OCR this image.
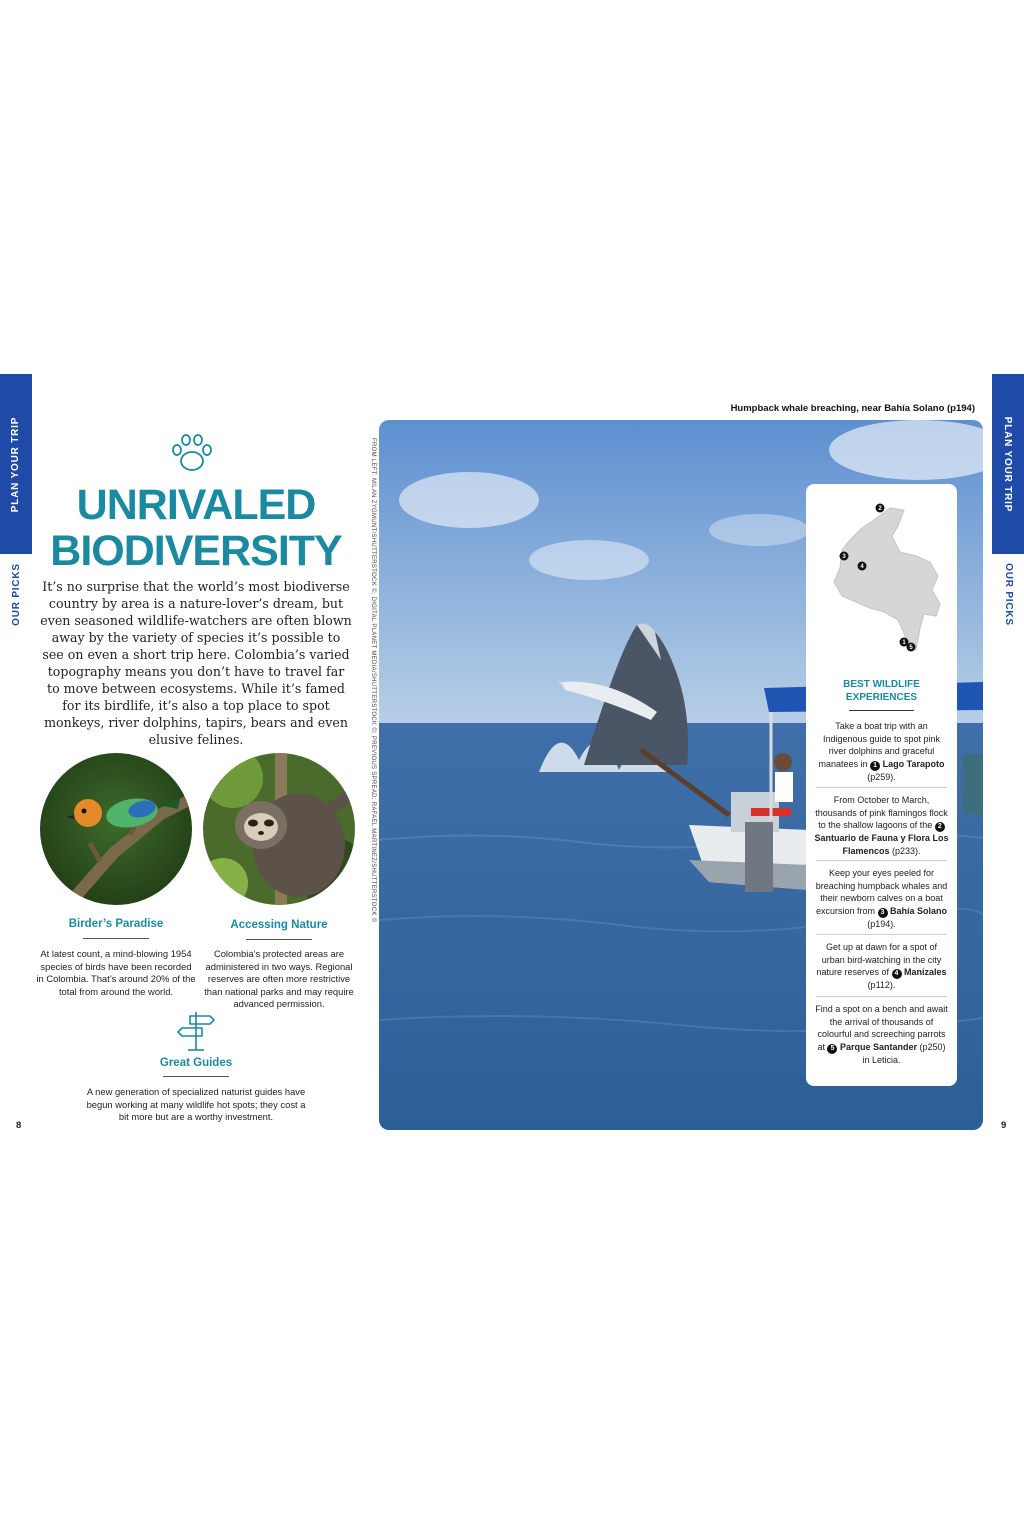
PLAN YOUR TRIP
OUR PICKS
PLAN YOUR TRIP
OUR PICKS
UNRIVALED
BIODIVERSITY

It’s no surprise that the world’s most biodiverse country by area is a nature-lover’s dream, but even seasoned wildlife-watchers are often blown away by the variety of species it’s possible to see on even a short trip here. Colombia’s varied topography means you don’t have to travel far to move between ecosystems. While it’s famed for its birdlife, it’s also a top place to spot monkeys, river dolphins, tapirs, bears and even elusive felines.

Birder’s Paradise
At latest count, a mind-blowing 1954 species of birds have been recorded in Colombia. That’s around 20% of the total from around the world.
Accessing Nature
Colombia’s protected areas are administered in two ways. Regional reserves are often more restrictive than national parks and may require advanced permission.
Great Guides
A new generation of specialized naturist guides have begun working at many wildlife hot spots; they cost a bit more but are a worthy investment.
8	9
FROM LEFT: MILAN ZYGMUNT/SHUTTERSTOCK ©, DIGITAL PLANET MEDIA/SHUTTERSTOCK ©; PREVIOUS SPREAD: RAFAEL MARTINEZ/SHUTTERSTOCK ©
Humpback whale breaching, near Bahía Solano (p194)
2
3
4
1
5
BEST WILDLIFE
EXPERIENCES
Take a boat trip with an Indigenous guide to spot pink river dolphins and graceful manatees in 1 Lago Tarapoto (p259).
From October to March, thousands of pink flamingos flock to the shallow lagoons of the 2 Santuario de Fauna y Flora Los Flamencos (p233).
Keep your eyes peeled for breaching humpback whales and their newborn calves on a boat excursion from 3 Bahía Solano (p194).
Get up at dawn for a spot of urban bird-watching in the city nature reserves of 4 Manizales (p112).
Find a spot on a bench and await the arrival of thousands of colourful and screeching parrots at 5 Parque Santander (p250) in Leticia.
